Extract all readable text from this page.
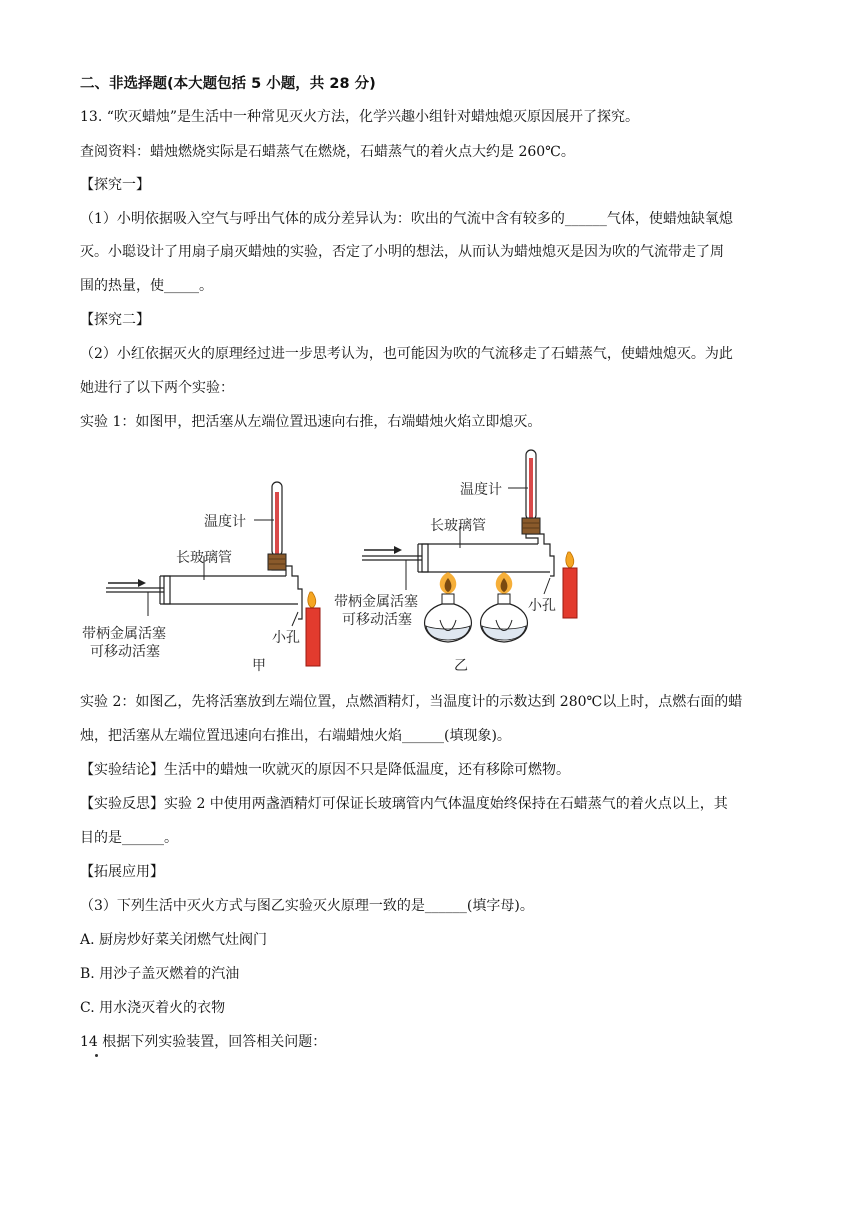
二、非选择题(本大题包括 5 小题，共 28 分)
13. “吹灭蜡烛”是生活中一种常见灭火方法，化学兴趣小组针对蜡烛熄灭原因展开了探究。
查阅资料：蜡烛燃烧实际是石蜡蒸气在燃烧，石蜡蒸气的着火点大约是 260℃。
【探究一】
（1）小明依据吸入空气与呼出气体的成分差异认为：吹出的气流中含有较多的______气体，使蜡烛缺氧熄
灭。小聪设计了用扇子扇灭蜡烛的实验，否定了小明的想法，从而认为蜡烛熄灭是因为吹的气流带走了周
围的热量，使_____。
【探究二】
（2）小红依据灭火的原理经过进一步思考认为，也可能因为吹的气流移走了石蜡蒸气，使蜡烛熄灭。为此
她进行了以下两个实验：
实验 1：如图甲，把活塞从左端位置迅速向右推，右端蜡烛火焰立即熄灭。
温度计
长玻璃管
带柄金属活塞
可移动活塞
小孔
甲
温度计
长玻璃管
带柄金属活塞
可移动活塞
小孔
乙
实验 2：如图乙，先将活塞放到左端位置，点燃酒精灯，当温度计的示数达到 280℃以上时，点燃右面的蜡
烛，把活塞从左端位置迅速向右推出，右端蜡烛火焰______(填现象)。
【实验结论】生活中的蜡烛一吹就灭的原因不只是降低温度，还有移除可燃物。
【实验反思】实验 2 中使用两盏酒精灯可保证长玻璃管内气体温度始终保持在石蜡蒸气的着火点以上，其
目的是______。
【拓展应用】
（3）下列生活中灭火方式与图乙实验灭火原理一致的是______(填字母)。
A. 厨房炒好菜关闭燃气灶阀门
B. 用沙子盖灭燃着的汽油
C. 用水浇灭着火的衣物
14 根据下列实验装置，回答相关问题：
